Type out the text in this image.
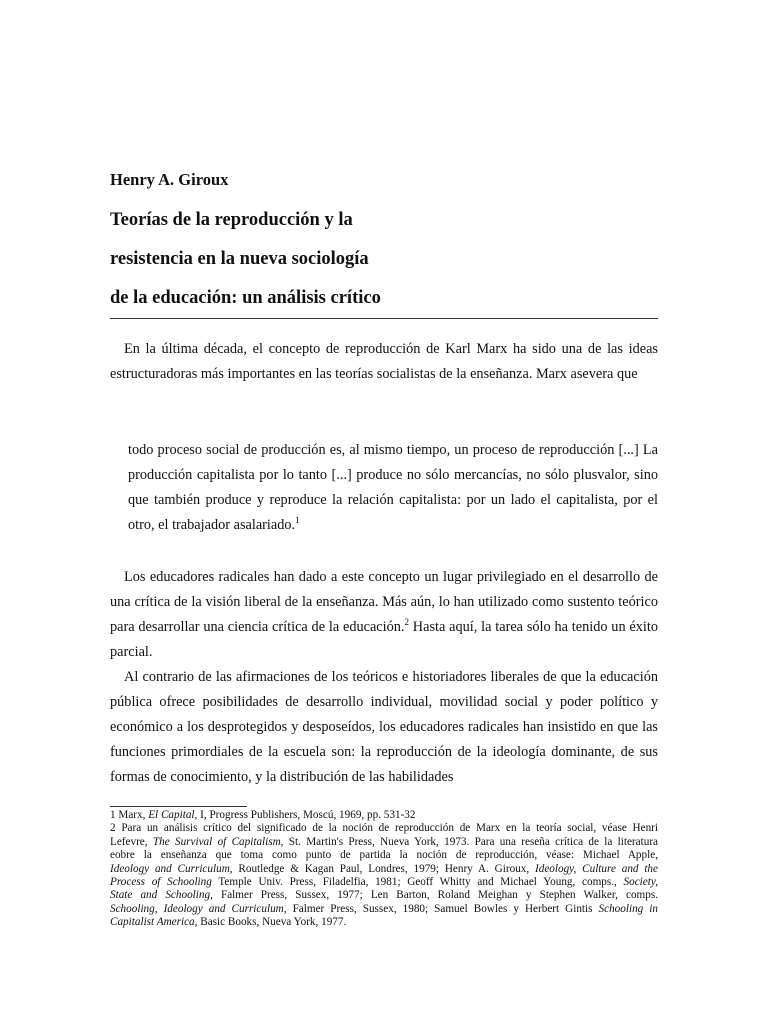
Henry A. Giroux
Teorías de la reproducción y la
resistencia en la nueva sociología
de la educación: un análisis crítico

En la última década, el concepto de reproducción de Karl Marx ha sido una de las ideas estructuradoras más importantes en las teorías socialistas de la enseñanza. Marx asevera que

todo proceso social de producción es, al mismo tiempo, un proceso de reproducción [...] La producción capitalista por lo tanto [...] produce no sólo mercancías, no sólo plusvalor, sino que también produce y reproduce la relación capitalista: por un lado el capitalista, por el otro, el trabajador asalariado.$^1$

Los educadores radicales han dado a este concepto un lugar privilegiado en el desarrollo de una crítica de la visión liberal de la enseñanza. Más aún, lo han utilizado como sustento teórico para desarrollar una ciencia crítica de la educación.$^2$ Hasta aquí, la tarea sólo ha tenido un éxito parcial.

Al contrario de las afirmaciones de los teóricos e historiadores liberales de que la educación pública ofrece posibilidades de desarrollo individual, movilidad social y poder político y económico a los desprotegidos y desposeídos, los educadores radicales han insistido en que las funciones primordiales de la escuela son: la reproducción de la ideología dominante, de sus formas de conocimiento, y la distribución de las habilidades

1 Marx, El Capital, I, Progress Publishers, Moscú, 1969, pp. 531-32

2 Para un análisis crítico del significado de la noción de reproducción de Marx en la teoría social, véase Henri
Lefevre, The Survival of Capitalism, St. Martin's Press, Nueva York, 1973. Para una reseña crítica de la literatura
eobre la enseñanza que toma como punto de partida la noción de reproducción, véase: Michael Apple,
Ideology and Curriculum, Routledge & Kagan Paul, Londres, 1979; Henry A. Giroux, Ideology, Culture and the
Process of Schooling Temple Univ. Press, Filadelfia, 1981; Geoff Whitty and Michael Young, comps., Society,
State and Schooling, Falmer Press, Sussex, 1977; Len Barton, Roland Meighan y Stephen Walker, comps.
Schooling, Ideology and Curriculum, Falmer Press, Sussex, 1980; Samuel Bowles y Herbert Gintis Schooling in
Capitalist America, Basic Books, Nueva York, 1977.
